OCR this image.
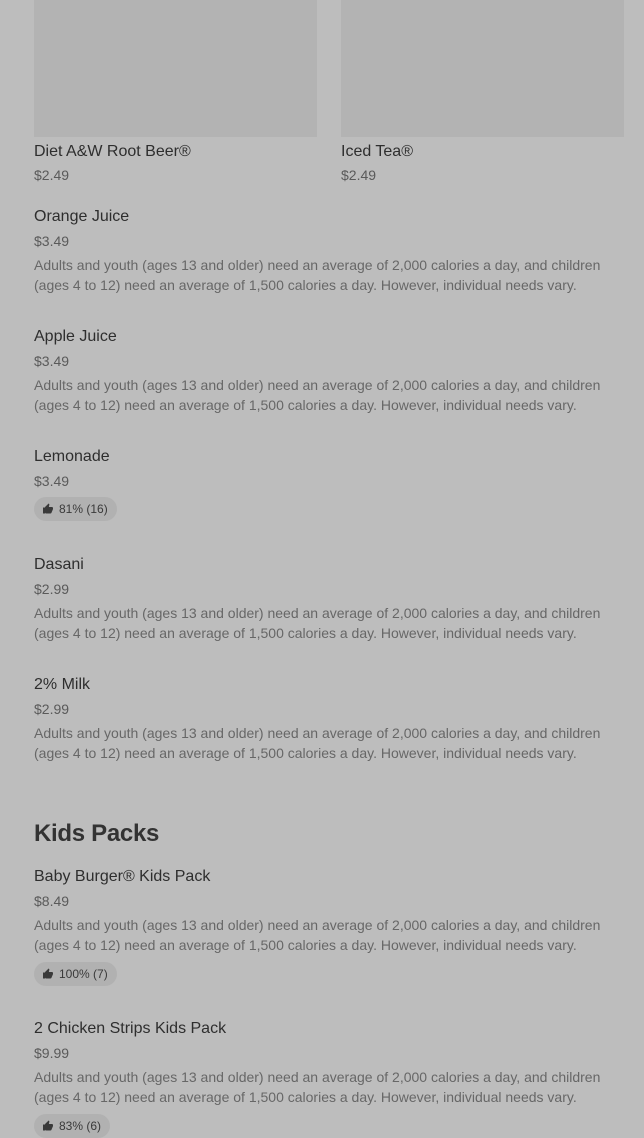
Diet A&W Root Beer®
$2.49
Iced Tea®
$2.49
Orange Juice
$3.49
Adults and youth (ages 13 and older) need an average of 2,000 calories a day, and children (ages 4 to 12) need an average of 1,500 calories a day. However, individual needs vary.
Apple Juice
$3.49
Adults and youth (ages 13 and older) need an average of 2,000 calories a day, and children (ages 4 to 12) need an average of 1,500 calories a day. However, individual needs vary.
Lemonade
$3.49
81% (16)
Dasani
$2.99
Adults and youth (ages 13 and older) need an average of 2,000 calories a day, and children (ages 4 to 12) need an average of 1,500 calories a day. However, individual needs vary.
2% Milk
$2.99
Adults and youth (ages 13 and older) need an average of 2,000 calories a day, and children (ages 4 to 12) need an average of 1,500 calories a day. However, individual needs vary.
Kids Packs
Baby Burger® Kids Pack
$8.49
Adults and youth (ages 13 and older) need an average of 2,000 calories a day, and children (ages 4 to 12) need an average of 1,500 calories a day. However, individual needs vary.
100% (7)
2 Chicken Strips Kids Pack
$9.99
Adults and youth (ages 13 and older) need an average of 2,000 calories a day, and children (ages 4 to 12) need an average of 1,500 calories a day. However, individual needs vary.
83% (6)
